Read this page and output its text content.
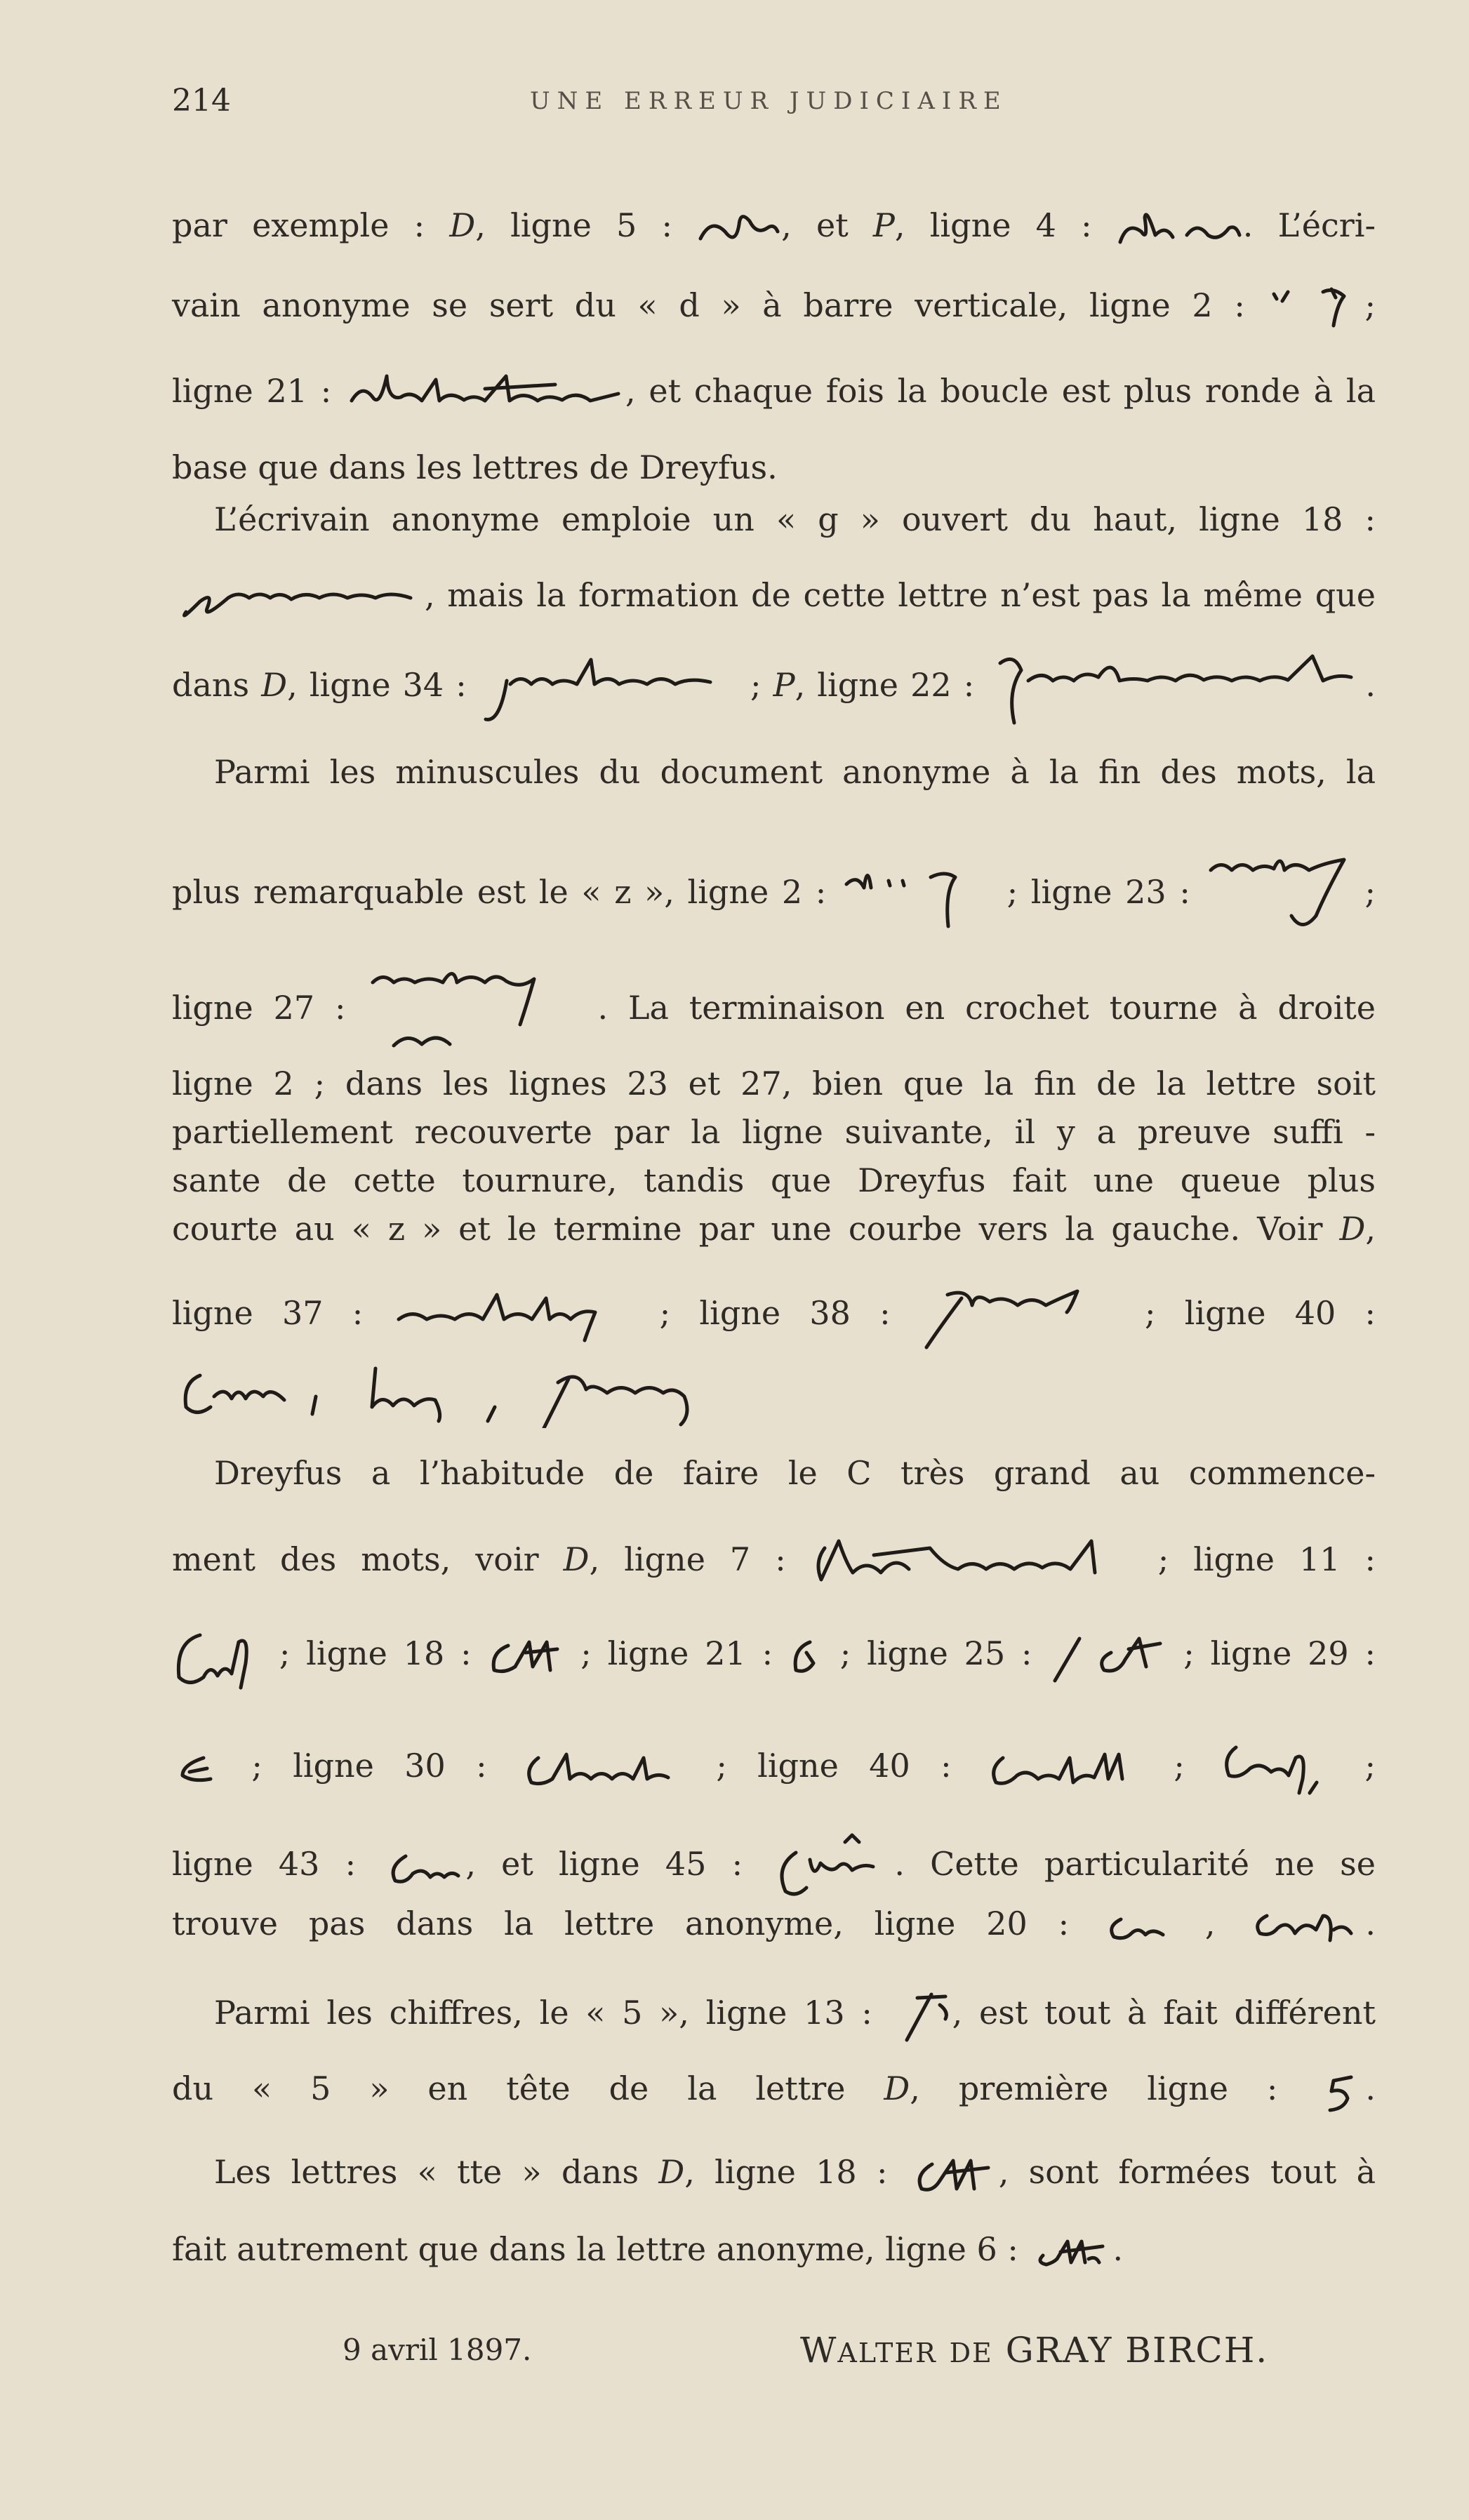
214	UNE ERREUR JUDICIAIRE
par exemple : D, ligne 5 :	, et P, ligne 4 :	. L’écri-
vain anonyme se sert du « d » à barre verticale, ligne 2 :	;
ligne 21 :	, et chaque fois la boucle est plus ronde à la
base que dans les lettres de Dreyfus.
L’écrivain anonyme emploie un « g » ouvert du haut, ligne 18 :
, mais la formation de cette lettre n’est pas la même que
dans D, ligne 34 :	; P, ligne 22 :	.
Parmi les minuscules du document anonyme à la fin des mots, la
plus remarquable est le « z », ligne 2 :	; ligne 23 :	;
ligne 27 :	. La terminaison en crochet tourne à droite
ligne 2 ; dans les lignes 23 et 27, bien que la fin de la lettre soit
partiellement recouverte par la ligne suivante, il y a preuve suffi -
sante de cette tournure, tandis que Dreyfus fait une queue plus
courte au « z » et le termine par une courbe vers la gauche. Voir D,
ligne 37 :	; ligne 38 :	; ligne 40 :
Dreyfus a l’habitude de faire le C très grand au commence-
ment des mots, voir D, ligne 7 :	; ligne 11 :
; ligne 18 :  ; ligne 21 :  ; ligne 25 :	; ligne 29 :
; ligne 30 :	; ligne 40 :	;	;
ligne 43 :	, et ligne 45 :	. Cette particularité ne se
trouve pas dans la lettre anonyme, ligne 20 :	,	.
Parmi les chiffres, le « 5 », ligne 13 : , est tout à fait différent
du « 5 » en tête de la lettre D, première ligne : .
Les lettres « tte » dans D, ligne 18 :	, sont formées tout à
fait autrement que dans la lettre anonyme, ligne 6 :	.
9 avril 1897.	WALTER DE GRAY BIRCH.
